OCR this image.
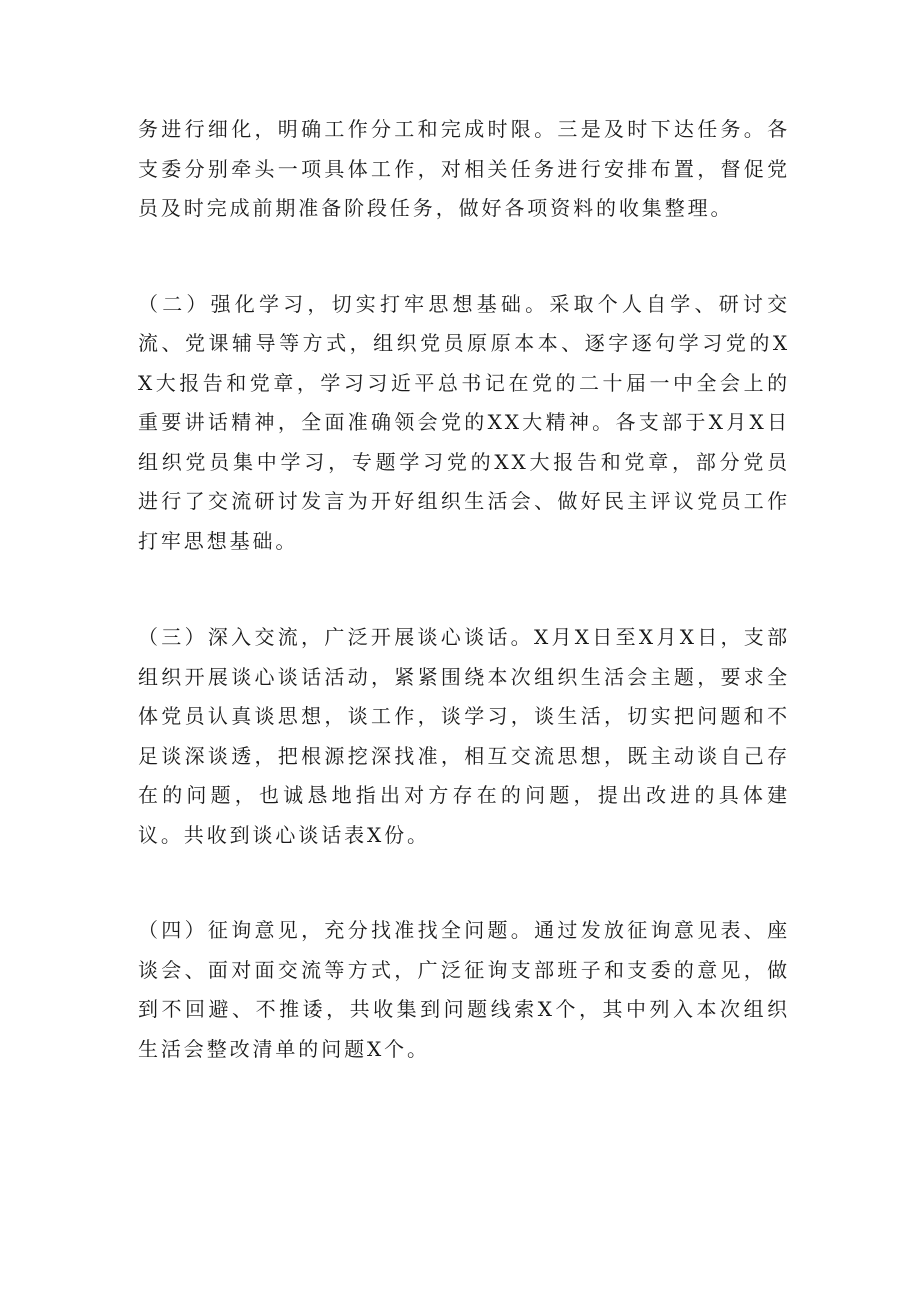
务进行细化，明确工作分工和完成时限。三是及时下达任务。各支委分别牵头一项具体工作，对相关任务进行安排布置，督促党员及时完成前期准备阶段任务，做好各项资料的收集整理。

（二）强化学习，切实打牢思想基础。采取个人自学、研讨交流、党课辅导等方式，组织党员原原本本、逐字逐句学习党的XX大报告和党章，学习习近平总书记在党的二十届一中全会上的重要讲话精神，全面准确领会党的XX大精神。各支部于X月X日组织党员集中学习，专题学习党的XX大报告和党章，部分党员进行了交流研讨发言为开好组织生活会、做好民主评议党员工作打牢思想基础。

（三）深入交流，广泛开展谈心谈话。X月X日至X月X日，支部组织开展谈心谈话活动，紧紧围绕本次组织生活会主题，要求全体党员认真谈思想，谈工作，谈学习，谈生活，切实把问题和不足谈深谈透，把根源挖深找准，相互交流思想，既主动谈自己存在的问题，也诚恳地指出对方存在的问题，提出改进的具体建议。共收到谈心谈话表X份。

（四）征询意见，充分找准找全问题。通过发放征询意见表、座谈会、面对面交流等方式，广泛征询支部班子和支委的意见，做到不回避、不推诿，共收集到问题线索X个，其中列入本次组织生活会整改清单的问题X个。
